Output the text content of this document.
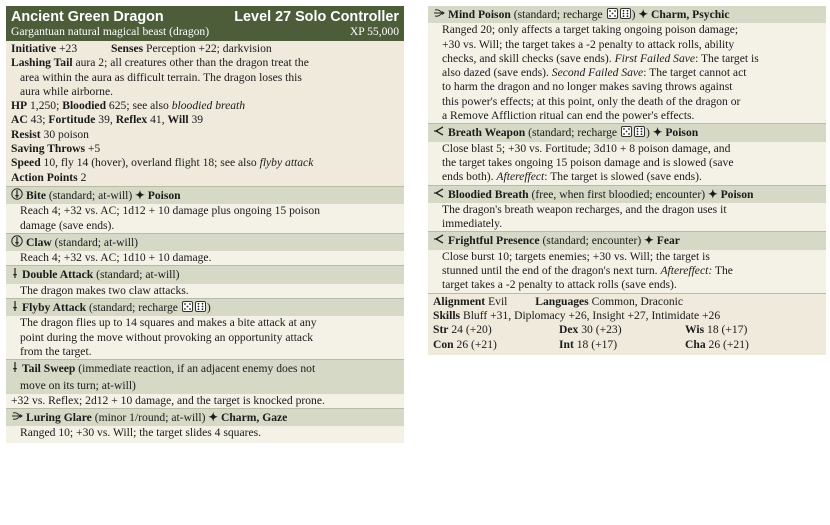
Ancient Green Dragon	Level 27 Solo Controller
Gargantuan natural magical beast (dragon)	XP 55,000
Initiative +23	Senses Perception +22; darkvision
Lashing Tail aura 2; all creatures other than the dragon treat the
area within the aura as difficult terrain. The dragon loses this
aura while airborne.
HP 1,250; Bloodied 625; see also bloodied breath
AC 43; Fortitude 39, Reflex 41, Will 39
Resist 30 poison
Saving Throws +5
Speed 10, fly 14 (hover), overland flight 18; see also flyby attack
Action Points 2
Bite (standard; at-will) ✦ Poison
Reach 4; +32 vs. AC; 1d12 + 10 damage plus ongoing 15 poison
damage (save ends).
Claw (standard; at-will)
Reach 4; +32 vs. AC; 1d10 + 10 damage.
Double Attack (standard; at-will)
The dragon makes two claw attacks.
Flyby Attack (standard; recharge
)
The dragon flies up to 14 squares and makes a bite attack at any
point during the move without provoking an opportunity attack
from the target.
Tail Sweep (immediate reaction, if an adjacent enemy does not
move on its turn; at-will)
+32 vs. Reflex; 2d12 + 10 damage, and the target is knocked prone.
Luring Glare (minor 1/round; at-will) ✦ Charm, Gaze
Ranged 10; +30 vs. Will; the target slides 4 squares.
Mind Poison (standard; recharge
) ✦ Charm, Psychic
Ranged 20; only affects a target taking ongoing poison damage;
+30 vs. Will; the target takes a -2 penalty to attack rolls, ability
checks, and skill checks (save ends). First Failed Save: The target is
also dazed (save ends). Second Failed Save: The target cannot act
to harm the dragon and no longer makes saving throws against
this power's effects; at this point, only the death of the dragon or
a Remove Affliction ritual can end the power's effects.
Breath Weapon (standard; recharge
) ✦ Poison
Close blast 5; +30 vs. Fortitude; 3d10 + 8 poison damage, and
the target takes ongoing 15 poison damage and is slowed (save
ends both). Aftereffect: The target is slowed (save ends).
Bloodied Breath (free, when first bloodied; encounter) ✦ Poison
The dragon's breath weapon recharges, and the dragon uses it
immediately.
Frightful Presence (standard; encounter) ✦ Fear
Close burst 10; targets enemies; +30 vs. Will; the target is
stunned until the end of the dragon's next turn. Aftereffect: The
target takes a -2 penalty to attack rolls (save ends).
Alignment Evil Languages Common, Draconic
Skills Bluff +31, Diplomacy +26, Insight +27, Intimidate +26
Str 24 (+20)	Dex 30 (+23)	Wis 18 (+17)
Con 26 (+21)	Int 18 (+17)	Cha 26 (+21)
